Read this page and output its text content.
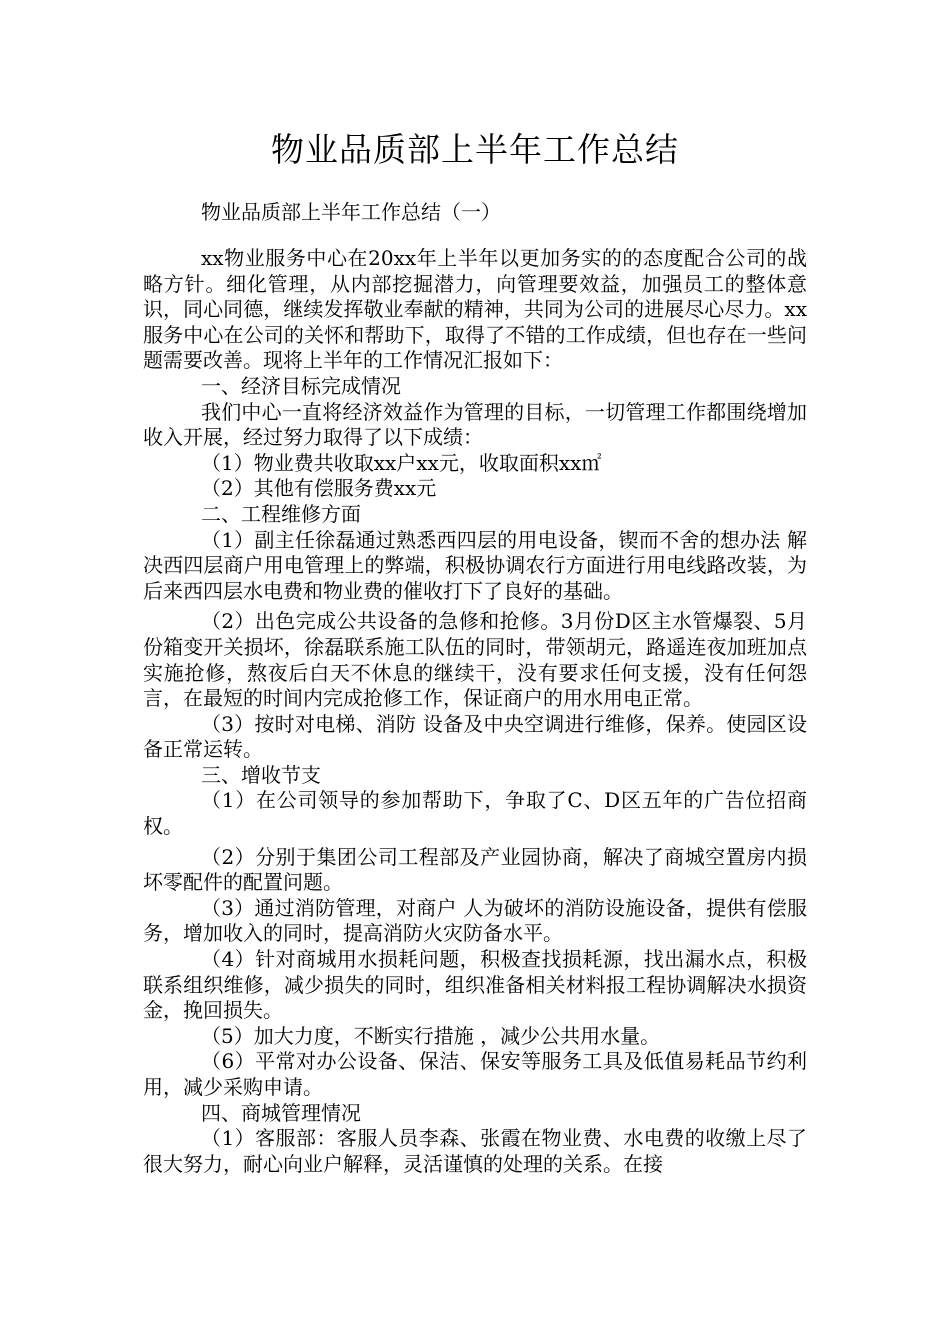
物业品质部上半年工作总结
物业品质部上半年工作总结（一）

xx物业服务中心在20xx年上半年以更加务实的的态度配合公司的战略方针。细化管理，从内部挖掘潜力，向管理要效益，加强员工的整体意识，同心同德，继续发挥敬业奉献的精神，共同为公司的进展尽心尽力。xx服务中心在公司的关怀和帮助下，取得了不错的工作成绩，但也存在一些问题需要改善。现将上半年的工作情况汇报如下：

一、经济目标完成情况

我们中心一直将经济效益作为管理的目标，一切管理工作都围绕增加收入开展，经过努力取得了以下成绩：

（1）物业费共收取xx户xx元，收取面积xx㎡

（2）其他有偿服务费xx元

二、工程维修方面

（1）副主任徐磊通过熟悉西四层的用电设备，锲而不舍的想办法 解决西四层商户用电管理上的弊端，积极协调农行方面进行用电线路改装，为后来西四层水电费和物业费的催收打下了良好的基础。

（2）出色完成公共设备的急修和抢修。3月份D区主水管爆裂、5月份箱变开关损坏，徐磊联系施工队伍的同时，带领胡元，路遥连夜加班加点实施抢修，熬夜后白天不休息的继续干，没有要求任何支援，没有任何怨言，在最短的时间内完成抢修工作，保证商户的用水用电正常。

（3）按时对电梯、消防 设备及中央空调进行维修，保养。使园区设备正常运转。

三、增收节支

（1）在公司领导的参加帮助下，争取了C、D区五年的广告位招商权。

（2）分别于集团公司工程部及产业园协商，解决了商城空置房内损坏零配件的配置问题。

（3）通过消防管理，对商户 人为破坏的消防设施设备，提供有偿服务，增加收入的同时，提高消防火灾防备水平。

（4）针对商城用水损耗问题，积极查找损耗源，找出漏水点，积极联系组织维修，减少损失的同时，组织准备相关材料报工程协调解决水损资金，挽回损失。

（5）加大力度，不断实行措施 ，减少公共用水量。

（6）平常对办公设备、保洁、保安等服务工具及低值易耗品节约利用，减少采购申请。

四、商城管理情况

（1）客服部：客服人员李森、张霞在物业费、水电费的收缴上尽了很大努力，耐心向业户解释，灵活谨慎的处理的关系。在接
